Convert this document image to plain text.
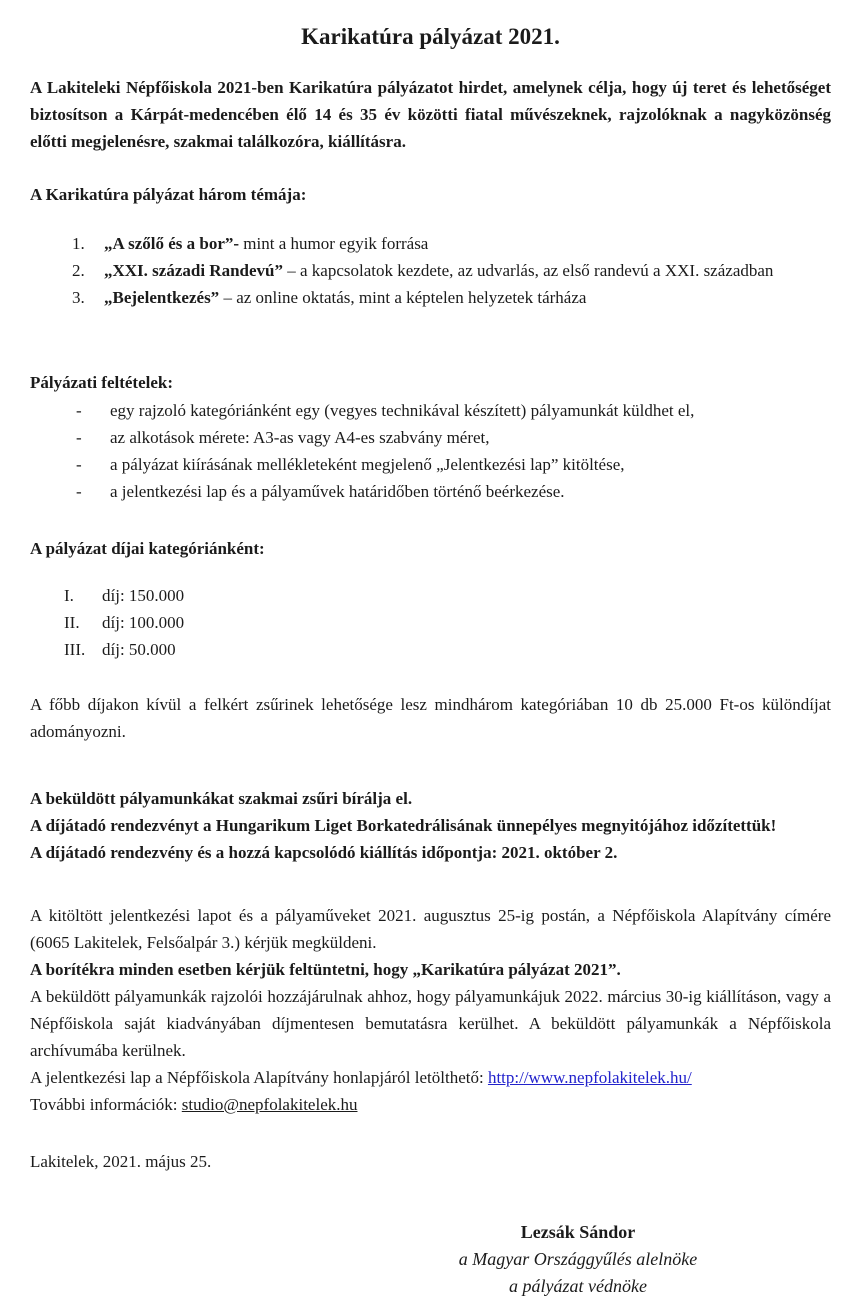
Karikatúra pályázat 2021.

A Lakiteleki Népfőiskola 2021-ben Karikatúra pályázatot hirdet, amelynek célja, hogy új teret és lehetőséget biztosítson a Kárpát-medencében élő 14 és 35 év közötti fiatal művészeknek, rajzolóknak a nagyközönség előtti megjelenésre, szakmai találkozóra, kiállításra.

A Karikatúra pályázat három témája:

1.	„A szőlő és a bor”- mint a humor egyik forrása
2.	„XXI. századi Randevú” – a kapcsolatok kezdete, az udvarlás, az első randevú a XXI. században
3.	„Bejelentkezés” – az online oktatás, mint a képtelen helyzetek tárháza

Pályázati feltételek:

-	egy rajzoló kategóriánként egy (vegyes technikával készített) pályamunkát küldhet el,
-	az alkotások mérete: A3-as vagy A4-es szabvány méret,
-	a pályázat kiírásának mellékleteként megjelenő „Jelentkezési lap” kitöltése,
-	a jelentkezési lap és a pályaművek határidőben történő beérkezése.

A pályázat díjai kategóriánként:

I.	díj: 150.000
II.	díj: 100.000
III. díj: 50.000

A főbb díjakon kívül a felkért zsűrinek lehetősége lesz mindhárom kategóriában 10 db 25.000 Ft-os különdíjat adományozni.

A beküldött pályamunkákat szakmai zsűri bírálja el.

A díjátadó rendezvényt a Hungarikum Liget Borkatedrálisának ünnepélyes megnyitójához időzítettük!

A díjátadó rendezvény és a hozzá kapcsolódó kiállítás időpontja: 2021. október 2.

A kitöltött jelentkezési lapot és a pályaműveket 2021. augusztus 25-ig postán, a Népfőiskola Alapítvány címére (6065 Lakitelek, Felsőalpár 3.) kérjük megküldeni.

A borítékra minden esetben kérjük feltüntetni, hogy „Karikatúra pályázat 2021”.

A beküldött pályamunkák rajzolói hozzájárulnak ahhoz, hogy pályamunkájuk 2022. március 30-ig kiállításon, vagy a Népfőiskola saját kiadványában díjmentesen bemutatásra kerülhet. A beküldött pályamunkák a Népfőiskola archívumába kerülnek.

A jelentkezési lap a Népfőiskola Alapítvány honlapjáról letölthető: http://www.nepfolakitelek.hu/

További információk: studio@nepfolakitelek.hu

Lakitelek, 2021. május 25.

Lezsák Sándor

a Magyar Országgyűlés alelnöke

a pályázat védnöke
